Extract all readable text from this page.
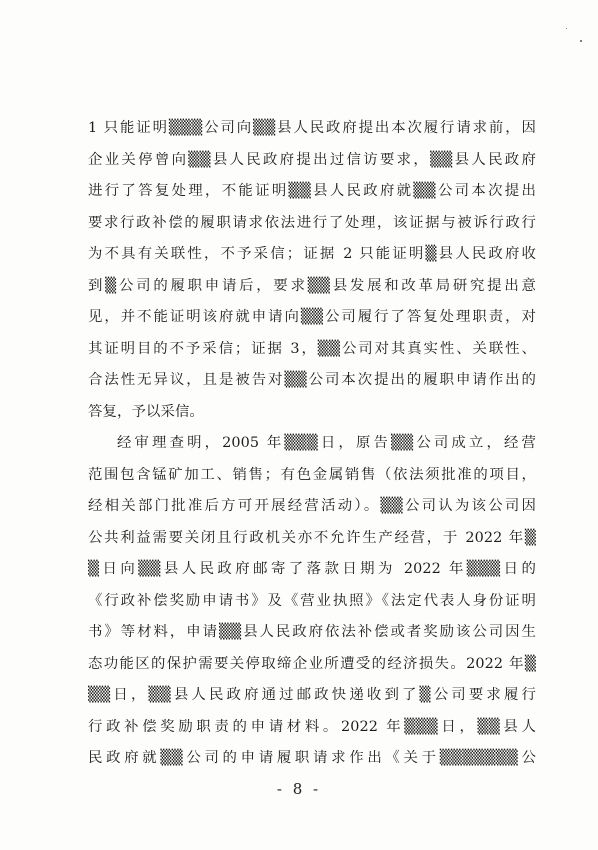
1 只能证明▒▒▒公司向▒▒县人民政府提出本次履行请求前，因
企业关停曾向▒▒县人民政府提出过信访要求，▒▒县人民政府
进行了答复处理，不能证明▒▒县人民政府就▒▒公司本次提出
要求行政补偿的履职请求依法进行了处理，该证据与被诉行政行
为不具有关联性，不予采信；证据 2 只能证明▒县人民政府收
到▒公司的履职申请后，要求▒▒县发展和改革局研究提出意
见，并不能证明该府就申请向▒▒公司履行了答复处理职责，对
其证明目的不予采信；证据 3，▒▒公司对其真实性、关联性、
合法性无异议，且是被告对▒▒公司本次提出的履职申请作出的
答复，予以采信。
经审理查明，2005 年▒▒▒日，原告▒▒公司成立，经营
范围包含锰矿加工、销售；有色金属销售（依法须批准的项目，
经相关部门批准后方可开展经营活动）。▒▒公司认为该公司因
公共利益需要关闭且行政机关亦不允许生产经营，于 2022 年▒
▒日向▒▒县人民政府邮寄了落款日期为 2022 年▒▒▒日的
《行政补偿奖励申请书》及《营业执照》《法定代表人身份证明
书》等材料，申请▒▒县人民政府依法补偿或者奖励该公司因生
态功能区的保护需要关停取缔企业所遭受的经济损失。2022 年▒
▒▒日，▒▒县人民政府通过邮政快递收到了▒公司要求履行
行政补偿奖励职责的申请材料。2022 年▒▒▒日，▒▒县人
民政府就▒▒公司的申请履职请求作出《关于▒▒▒▒▒▒▒公
- 8 -
